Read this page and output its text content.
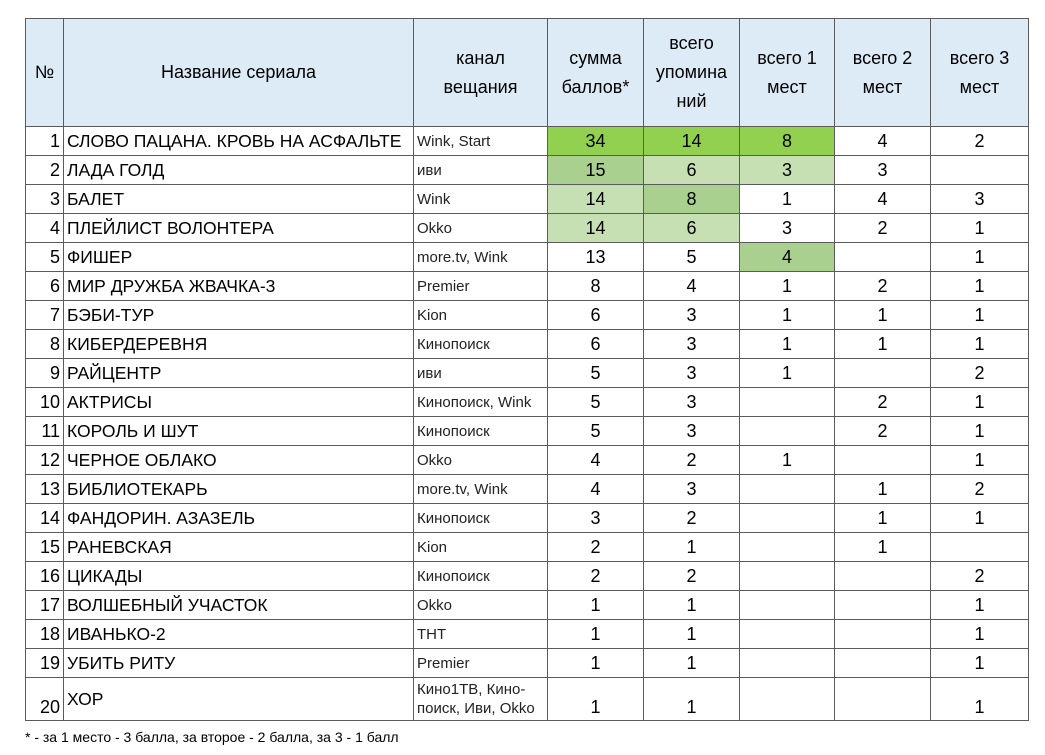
№	Название сериала	канал вещания	сумма баллов*	всего упомина ний	всего 1 мест	всего 2 мест	всего 3 мест

1	СЛОВО ПАЦАНА. КРОВЬ НА АСФАЛЬТЕ	Wink, Start	34	14	8	4	2
2	ЛАДА ГОЛД	иви	15	6	3	3	
3	БАЛЕТ	Wink	14	8	1	4	3
4	ПЛЕЙЛИСТ ВОЛОНТЕРА	Okko	14	6	3	2	1
5	ФИШЕР	more.tv, Wink	13	5	4		1
6	МИР ДРУЖБА ЖВАЧКА-3	Premier	8	4	1	2	1
7	БЭБИ-ТУР	Kion	6	3	1	1	1
8	КИБЕРДЕРЕВНЯ	Кинопоиск	6	3	1	1	1
9	РАЙЦЕНТР	иви	5	3	1		2
10	АКТРИСЫ	Кинопоиск, Wink	5	3		2	1
11	КОРОЛЬ И ШУТ	Кинопоиск	5	3		2	1
12	ЧЕРНОЕ ОБЛАКО	Okko	4	2	1		1
13	БИБЛИОТЕКАРЬ	more.tv, Wink	4	3		1	2
14	ФАНДОРИН. АЗАЗЕЛЬ	Кинопоиск	3	2		1	1
15	РАНЕВСКАЯ	Kion	2	1		1	
16	ЦИКАДЫ	Кинопоиск	2	2			2
17	ВОЛШЕБНЫЙ УЧАСТОК	Okko	1	1			1
18	ИВАНЬКО-2	ТНТ	1	1			1
19	УБИТЬ РИТУ	Premier	1	1			1
20	ХОР	Кино1ТВ, Кино-поиск, Иви, Okko	1	1			1
* - за 1 место - 3 балла, за второе - 2 балла, за 3 - 1 балл
